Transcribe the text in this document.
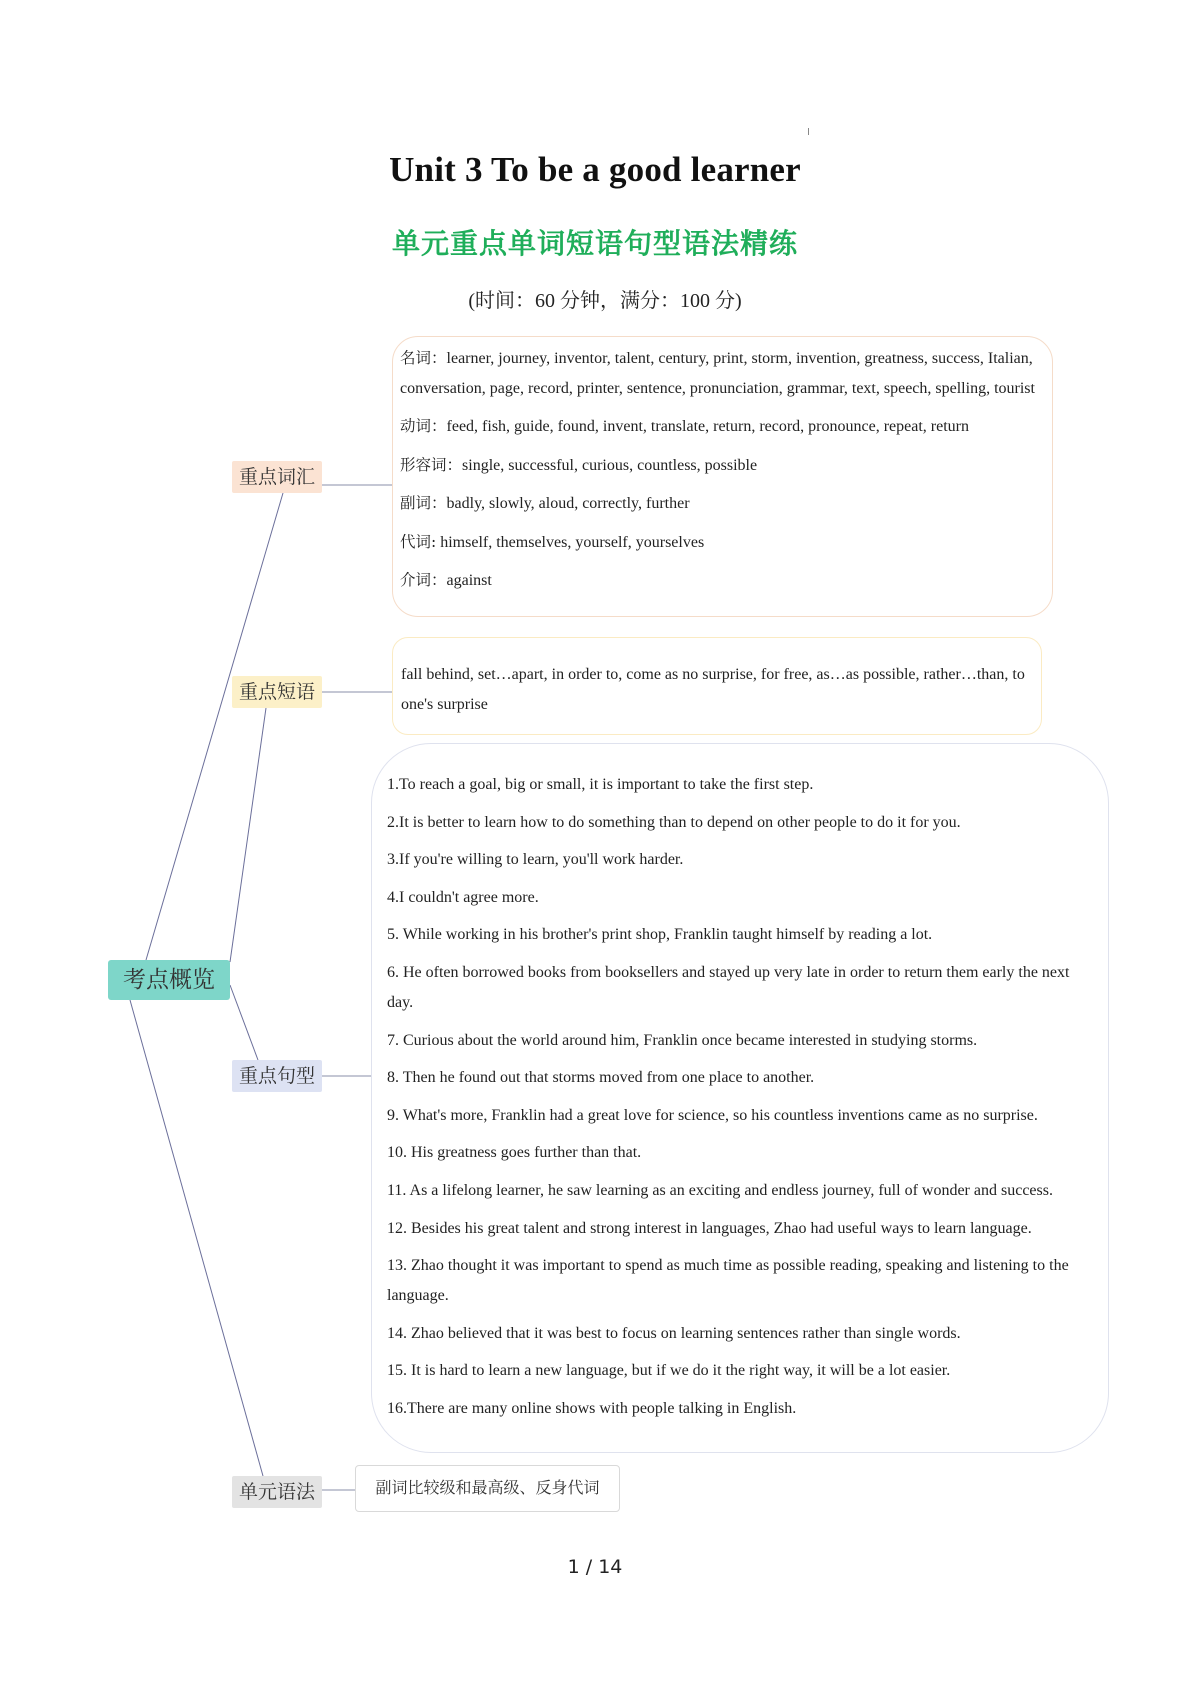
Unit 3 To be a good learner
单元重点单词短语句型语法精练
(时间：60 分钟，满分：100 分)
考点概览
重点词汇
重点短语
重点句型
单元语法
名词：learner, journey, inventor, talent, century, print, storm, invention, greatness, success, Italian, conversation, page, record, printer, sentence, pronunciation, grammar, text, speech, spelling, tourist
动词：feed, fish, guide, found, invent, translate, return, record, pronounce, repeat, return
形容词：single, successful, curious, countless, possible
副词：badly, slowly, aloud, correctly, further
代词: himself, themselves, yourself, yourselves
介词：against
fall behind, set…apart, in order to, come as no surprise, for free, as…as possible, rather…than, to one's surprise
1.To reach a goal, big or small, it is important to take the first step.
2.It is better to learn how to do something than to depend on other people to do it for you.
3.If you're willing to learn, you'll work harder.
4.I couldn't agree more.
5. While working in his brother's print shop, Franklin taught himself by reading a lot.
6. He often borrowed books from booksellers and stayed up very late in order to return them early the next day.
7. Curious about the world around him, Franklin once became interested in studying storms.
8. Then he found out that storms moved from one place to another.
9. What's more, Franklin had a great love for science, so his countless inventions came as no surprise.
10. His greatness goes further than that.
11. As a lifelong learner, he saw learning as an exciting and endless journey, full of wonder and success.
12. Besides his great talent and strong interest in languages, Zhao had useful ways to learn language.
13. Zhao thought it was important to spend as much time as possible reading, speaking and listening to the language.
14. Zhao believed that it was best to focus on learning sentences rather than single words.
15. It is hard to learn a new language, but if we do it the right way, it will be a lot easier.
16.There are many online shows with people talking in English.
副词比较级和最高级、反身代词
1 / 14
